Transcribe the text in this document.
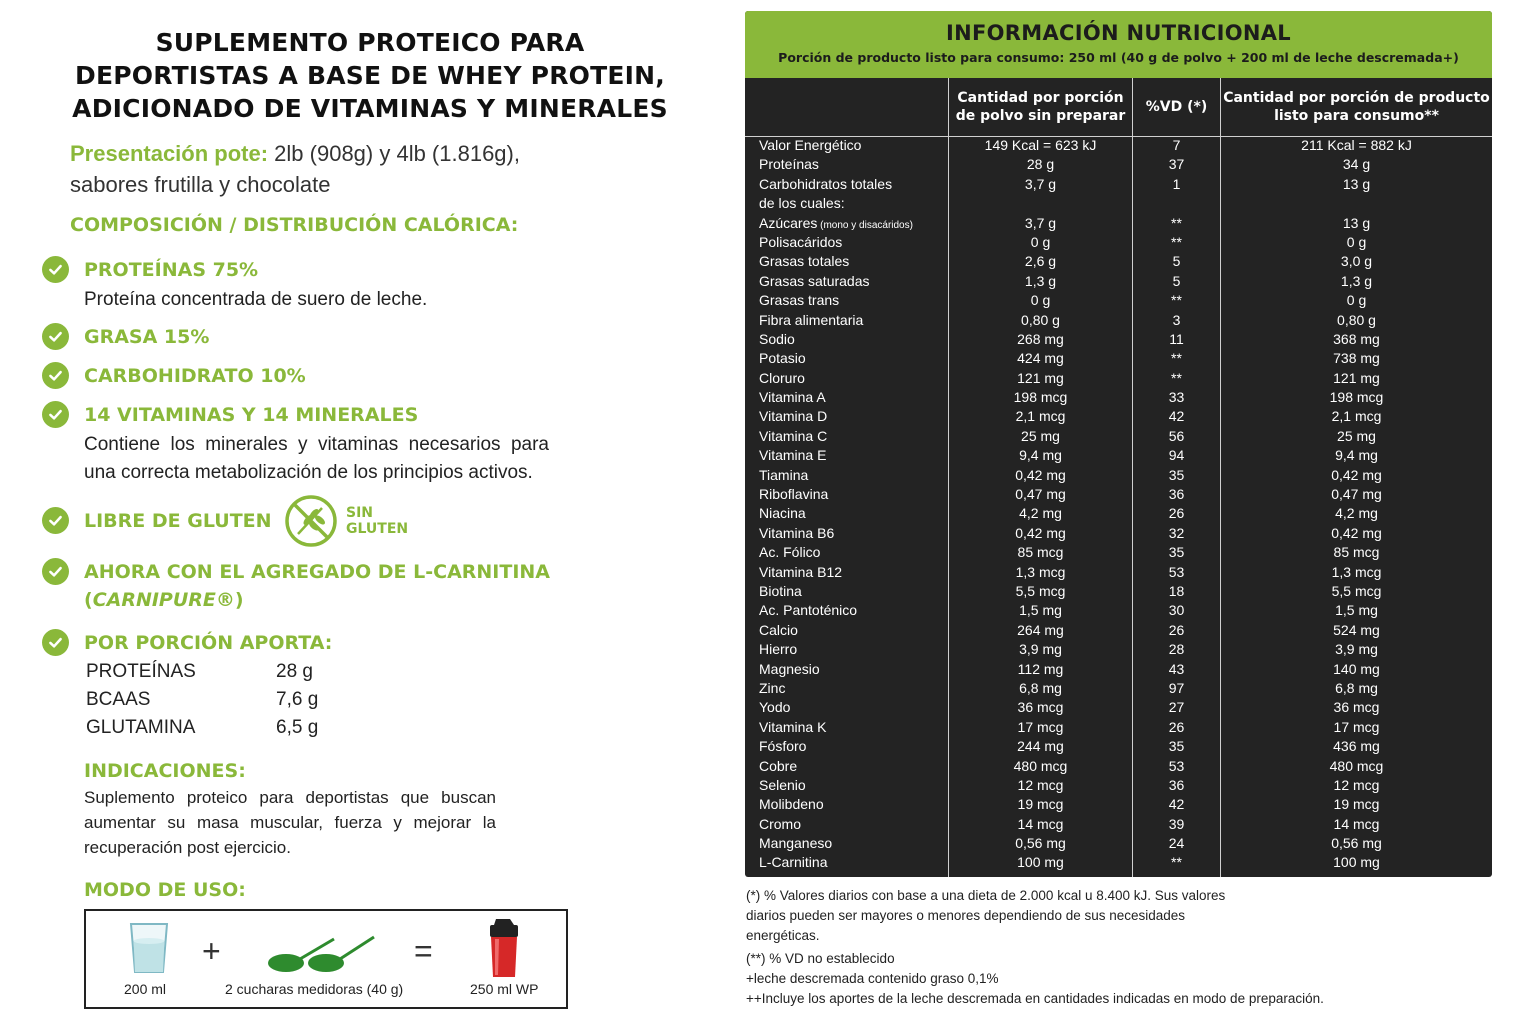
SUPLEMENTO PROTEICO PARA
DEPORTISTAS A BASE DE WHEY PROTEIN,
ADICIONADO DE VITAMINAS Y MINERALES
Presentación pote: 2lb (908g) y 4lb (1.816g),
sabores frutilla y chocolate
COMPOSICIÓN / DISTRIBUCIÓN CALÓRICA:
PROTEÍNAS 75%
Proteína concentrada de suero de leche.
GRASA 15%
CARBOHIDRATO 10%
14 VITAMINAS Y 14 MINERALES
Contiene los minerales y vitaminas necesarios para una correcta metabolización de los principios activos.
LIBRE DE GLUTEN	SIN
GLUTEN
AHORA CON EL AGREGADO DE L-CARNITINA
(CARNIPURE®)
POR PORCIÓN APORTA:
PROTEÍNAS	28 g
BCAAS	7,6 g
GLUTAMINA	6,5 g
INDICACIONES:
Suplemento proteico para deportistas que buscan aumentar su masa muscular, fuerza y mejorar la recuperación post ejercicio.
MODO DE USO:
+	=
200 ml	2 cucharas medidoras (40 g)	250 ml WP
INFORMACIÓN NUTRICIONAL
Porción de producto listo para consumo: 250 ml (40 g de polvo + 200 ml de leche descremada+)
Cantidad por porción
de polvo sin preparar
%VD (*)
Cantidad por porción de producto
listo para consumo**
Valor Energético	149 Kcal = 623 kJ	7	211 Kcal = 882 kJ
Proteínas	28 g	37	34 g
Carbohidratos totales	3,7 g	1	13 g
de los cuales:
Azúcares (mono y disacáridos)	3,7 g	**	13 g
Polisacáridos	0 g	**	0 g
Grasas totales	2,6 g	5	3,0 g
Grasas saturadas	1,3 g	5	1,3 g
Grasas trans	0 g	**	0 g
Fibra alimentaria	0,80 g	3	0,80 g
Sodio	268 mg	11	368 mg
Potasio	424 mg	**	738 mg
Cloruro	121 mg	**	121 mg
Vitamina A	198 mcg	33	198 mcg
Vitamina D	2,1 mcg	42	2,1 mcg
Vitamina C	25 mg	56	25 mg
Vitamina E	9,4 mg	94	9,4 mg
Tiamina	0,42 mg	35	0,42 mg
Riboflavina	0,47 mg	36	0,47 mg
Niacina	4,2 mg	26	4,2 mg
Vitamina B6	0,42 mg	32	0,42 mg
Ac. Fólico	85 mcg	35	85 mcg
Vitamina B12	1,3 mcg	53	1,3 mcg
Biotina	5,5 mcg	18	5,5 mcg
Ac. Pantoténico	1,5 mg	30	1,5 mg
Calcio	264 mg	26	524 mg
Hierro	3,9 mg	28	3,9 mg
Magnesio	112 mg	43	140 mg
Zinc	6,8 mg	97	6,8 mg
Yodo	36 mcg	27	36 mcg
Vitamina K	17 mcg	26	17 mcg
Fósforo	244 mg	35	436 mg
Cobre	480 mcg	53	480 mcg
Selenio	12 mcg	36	12 mcg
Molibdeno	19 mcg	42	19 mcg
Cromo	14 mcg	39	14 mcg
Manganeso	0,56 mg	24	0,56 mg
L-Carnitina	100 mg	**	100 mg

(*) % Valores diarios con base a una dieta de 2.000 kcal u 8.400 kJ. Sus valores

diarios pueden ser mayores o menores dependiendo de sus necesidades

energéticas.

(**) % VD no establecido

+leche descremada contenido graso 0,1%

++Incluye los aportes de la leche descremada en cantidades indicadas en modo de preparación.
